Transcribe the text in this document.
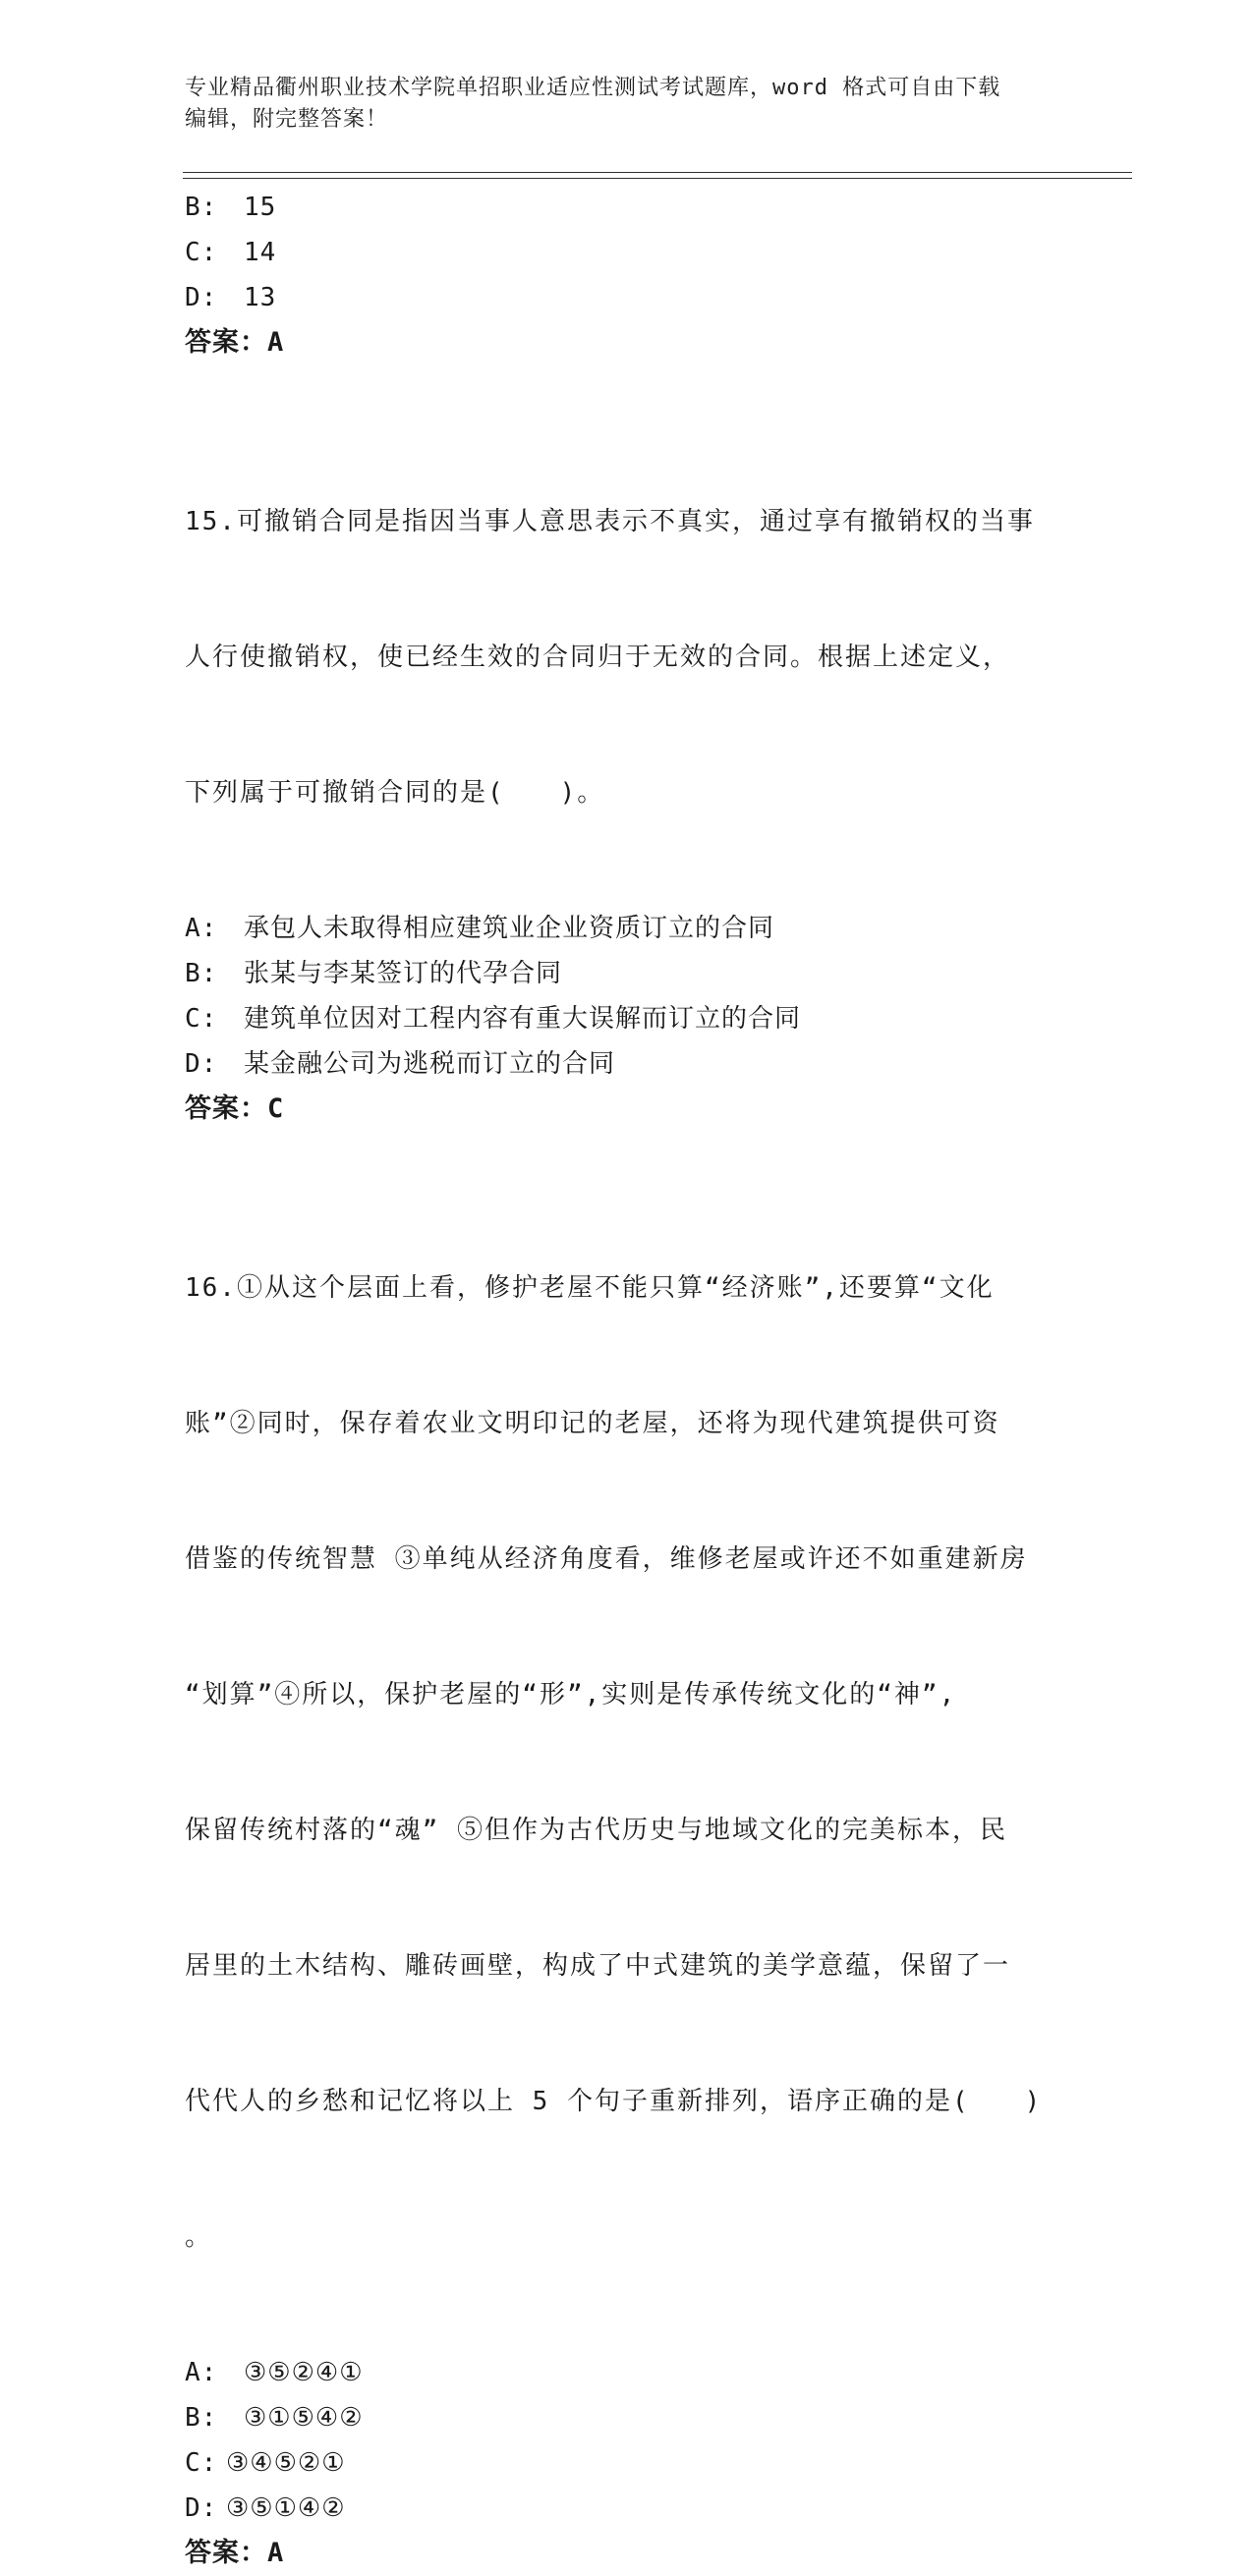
专业精品衢州职业技术学院单招职业适应性测试考试题库，word 格式可自由下载
编辑，附完整答案！
B: 15
C: 14
D: 13
答案：A

15.可撤销合同是指因当事人意思表示不真实，通过享有撤销权的当事

人行使撤销权，使已经生效的合同归于无效的合同。根据上述定义，

下列属于可撤销合同的是(　　)。

A: 承包人未取得相应建筑业企业资质订立的合同
B: 张某与李某签订的代孕合同
C: 建筑单位因对工程内容有重大误解而订立的合同
D: 某金融公司为逃税而订立的合同
答案：C

16.①从这个层面上看，修护老屋不能只算“经济账”,还要算“文化

账”②同时，保存着农业文明印记的老屋，还将为现代建筑提供可资

借鉴的传统智慧 ③单纯从经济角度看，维修老屋或许还不如重建新房

“划算”④所以，保护老屋的“形”,实则是传承传统文化的“神”,

保留传统村落的“魂” ⑤但作为古代历史与地域文化的完美标本，民

居里的土木结构、雕砖画壁，构成了中式建筑的美学意蕴，保留了一

代代人的乡愁和记忆将以上 5 个句子重新排列，语序正确的是(　　)

。

A: ③⑤②④①
B: ③①⑤④②
C: ③④⑤②①
D: ③⑤①④②
答案：A
